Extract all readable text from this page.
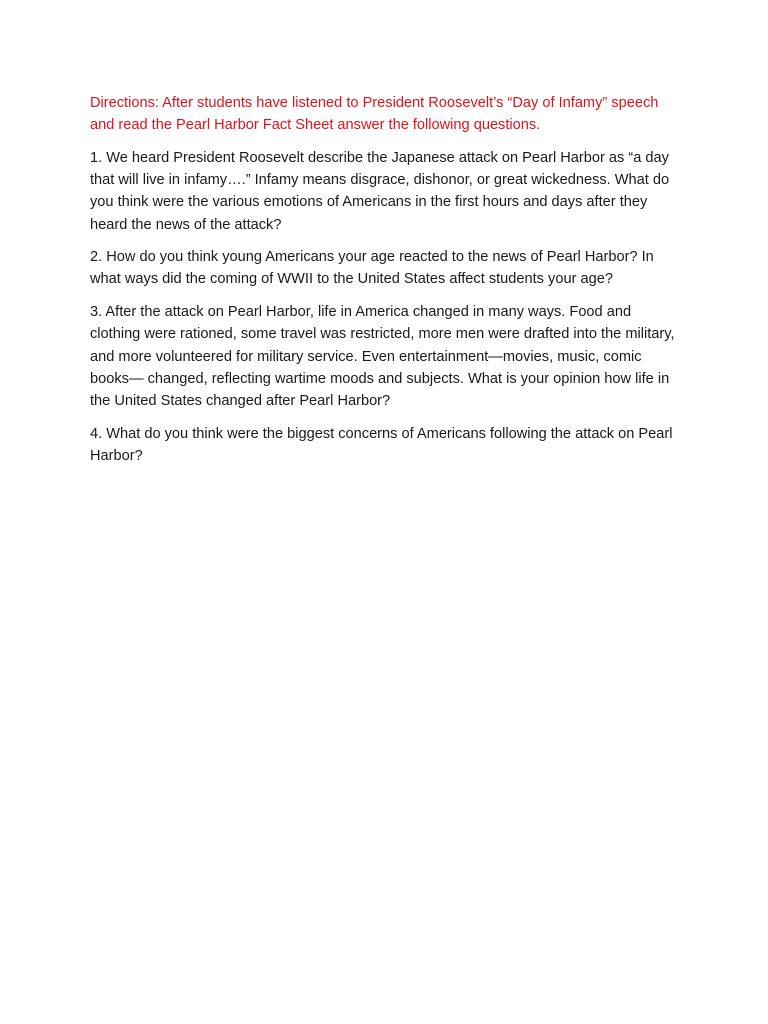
Directions: After students have listened to President Roosevelt’s “Day of Infamy” speech and read the Pearl Harbor Fact Sheet answer the following questions.

1. We heard President Roosevelt describe the Japanese attack on Pearl Harbor as “a day that will live in infamy….” Infamy means disgrace, dishonor, or great wickedness. What do you think were the various emotions of Americans in the first hours and days after they heard the news of the attack?

2. How do you think young Americans your age reacted to the news of Pearl Harbor? In what ways did the coming of WWII to the United States affect students your age?

3. After the attack on Pearl Harbor, life in America changed in many ways. Food and clothing were rationed, some travel was restricted, more men were drafted into the military, and more volunteered for military service. Even entertainment—movies, music, comic books— changed, reflecting wartime moods and subjects. What is your opinion how life in the United States changed after Pearl Harbor?

4. What do you think were the biggest concerns of Americans following the attack on Pearl Harbor?
